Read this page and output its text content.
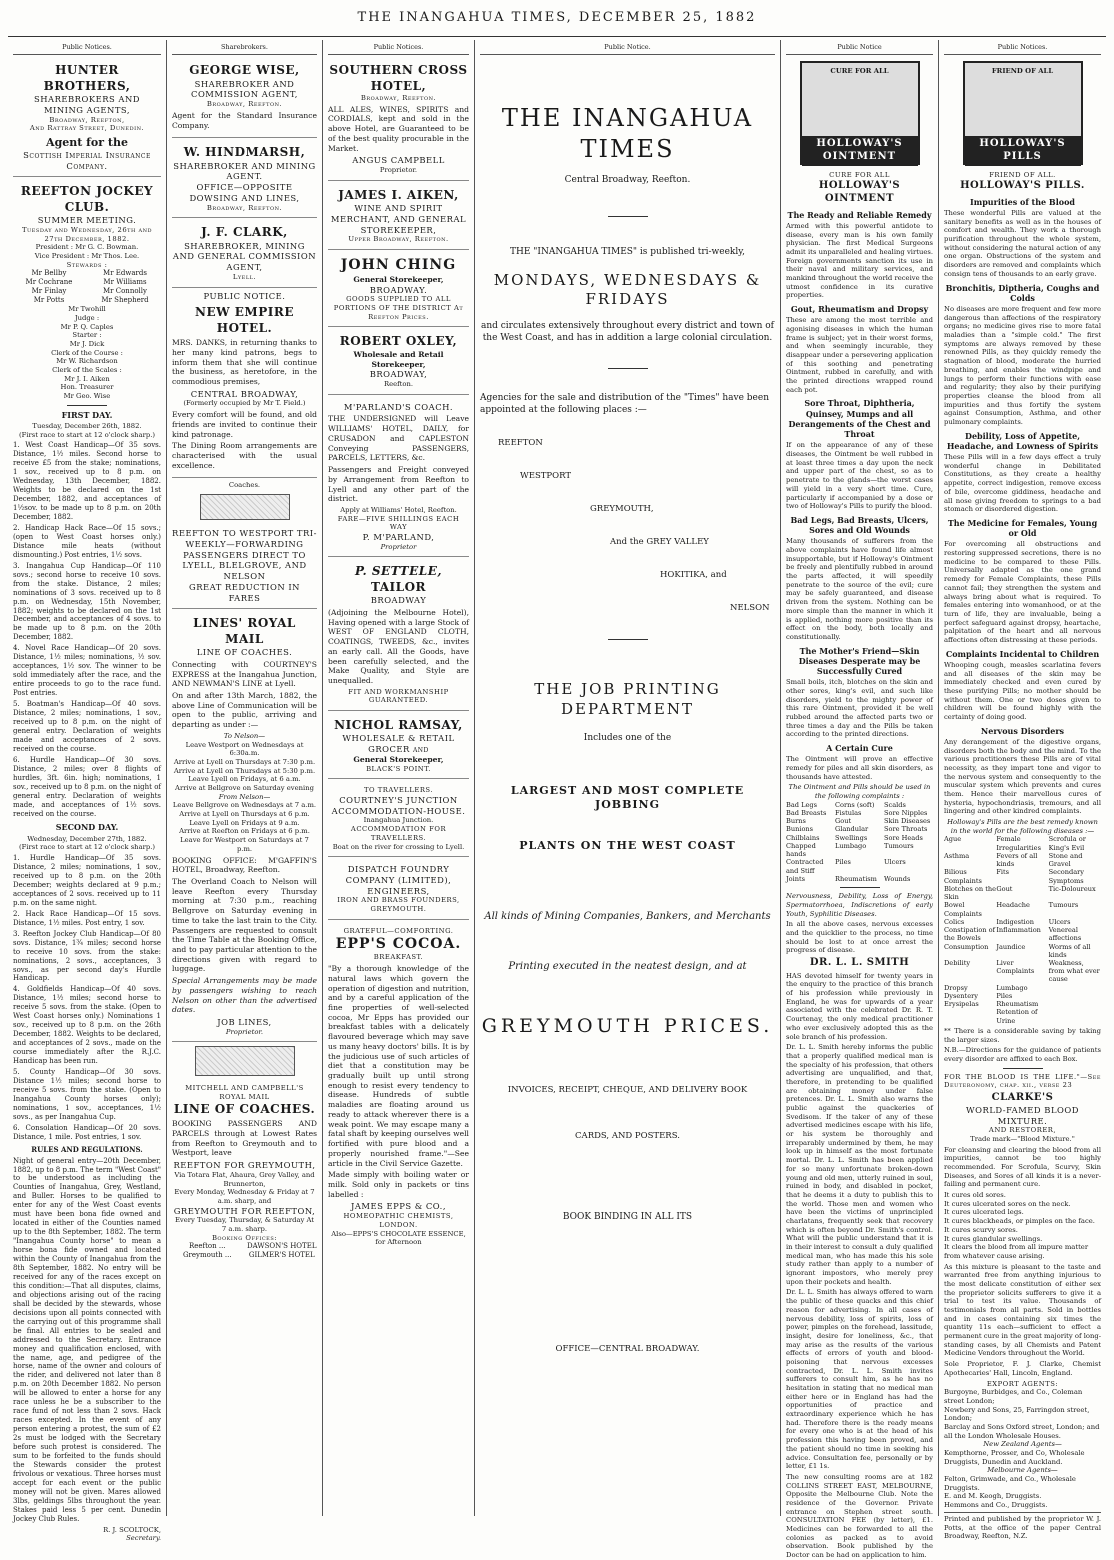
THE INANGAHUA TIMES, DECEMBER 25, 1882
Public Notices.
HUNTER BROTHERS,
SHAREBROKERS AND MINING AGENTS,
Broadway, Reefton,
And Rattray Street, Dunedin.
Agent for the
Scottish Imperial Insurance Company.
REEFTON JOCKEY CLUB.
SUMMER MEETING.
Tuesday and Wednesday, 26th and 27th December, 1882.
President : Mr G. C. Bowman.
Vice President : Mr Thos. Lee.
Stewards :
Mr Bellby
Mr Cochrane
Mr Finlay
Mr Potts
Mr Edwards
Mr Williams
Mr Connolly
Mr Shepherd
Mr Twohill
Judge :
Mr P. Q. Caples
Starter :
Mr J. Dick
Clerk of the Course :
Mr W. Richardson
Clerk of the Scales :
Mr J. I. Aiken
Hon. Treasurer
Mr Geo. Wise
FIRST DAY.
Tuesday, December 26th, 1882.
(First race to start at 12 o'clock sharp.)
1. West Coast Handicap—Of 35 sovs. Distance, 1½ miles. Second horse to receive £5 from the stake; nominations, 1 sov., received up to 8 p.m. on Wednesday, 13th December, 1882. Weights to be declared on the 1st December, 1882, and acceptances of 1½sov. to be made up to 8 p.m. on 20th December, 1882.
2. Handicap Hack Race—Of 15 sovs.; (open to West Coast horses only.) Distance mile heats (without dismounting.) Post entries, 1½ sovs.
3. Inangahua Cup Handicap—Of 110 sovs.; second horse to receive 10 sovs. from the stake. Distance, 2 miles; nominations of 3 sovs. received up to 8 p.m. on Wednesday, 15th November, 1882; weights to be declared on the 1st December, and acceptances of 4 sovs. to be made up to 8 p.m. on the 20th December, 1882.
4. Novel Race Handicap—Of 20 sovs. Distance, 1½ miles; nominations, ½ sov. acceptances, 1½ sov. The winner to be sold immediately after the race, and the entire proceeds to go to the race fund. Post entries.
5. Boatman's Handicap—Of 40 sovs. Distance, 2 miles; nominations, 1 sov., received up to 8 p.m. on the night of general entry. Declaration of weights made and acceptances of 2 sovs. received on the course.
6. Hurdle Handicap—Of 30 sovs. Distance, 2 miles; over 8 flights of hurdles, 3ft. 6in. high; nominations, 1 sov., received up to 8 p.m. on the night of general entry. Declaration of weights made, and acceptances of 1½ sovs. received on the course.
SECOND DAY.
Wednesday, December 27th, 1882.
(First race to start at 12 o'clock sharp.)
1. Hurdle Handicap—Of 35 sovs. Distance, 2 miles; nominations, 1 sov., received up to 8 p.m. on the 20th December; weights declared at 9 p.m.; acceptances of 2 sovs. received up to 11 p.m. on the same night.
2. Hack Race Handicap—Of 15 sovs. Distance, 1½ miles. Post entry, 1 sov.
3. Reefton Jockey Club Handicap—Of 80 sovs. Distance, 1¾ miles; second horse to receive 10 sovs. from the stake: nominations, 2 sovs., acceptances, 3 sovs., as per second day's Hurdle Handicap.
4. Goldfields Handicap—Of 40 sovs. Distance, 1½ miles; second horse to receive 5 sovs. from the stake. (Open to West Coast horses only.) Nominations 1 sov., received up to 8 p.m. on the 26th December, 1882. Weights to be declared, and acceptances of 2 sovs., made on the course immediately after the R.J.C. Handicap has been run.
5. County Handicap—Of 30 sovs. Distance 1½ miles; second horse to receive 5 sovs. from the stake. (Open to Inangahua County horses only); nominations, 1 sov., acceptances, 1½ sovs., as per Inangahua Cup.
6. Consolation Handicap—Of 20 sovs. Distance, 1 mile. Post entries, 1 sov.
RULES AND REGULATIONS.
Night of general entry—20th December, 1882, up to 8 p.m. The term "West Coast" to be understood as including the Counties of Inangahua, Grey, Westland, and Buller. Horses to be qualified to enter for any of the West Coast events must have been bona fide owned and located in either of the Counties named up to the 8th September, 1882. The term "Inangahua County horse" to mean a horse bona fide owned and located within the County of Inangahua from the 8th September, 1882. No entry will be received for any of the races except on this condition:—That all disputes, claims, and objections arising out of the racing shall be decided by the stewards, whose decisions upon all points connected with the carrying out of this programme shall be final. All entries to be sealed and addressed to the Secretary. Entrance money and qualification enclosed, with the name, age, and pedigree of the horse, name of the owner and colours of the rider, and delivered not later than 8 p.m. on 20th December 1882. No person will be allowed to enter a horse for any race unless he be a subscriber to the race fund of not less than 2 sovs. Hack races excepted. In the event of any person entering a protest, the sum of £2 2s must be lodged with the Secretary before such protest is considered. The sum to be forfeited to the funds should the Stewards consider the protest frivolous or vexatious. Three horses must accept for each event or the public money will not be given. Mares allowed 3lbs, geldings 5lbs throughout the year. Stakes paid less 5 per cent. Dunedin Jockey Club Rules.
R. J. SCOLTOCK,
Secretary.
Sharebrokers.
GEORGE WISE,
SHAREBROKER AND COMMISSION AGENT,
Broadway, Reefton.
Agent for the Standard Insurance Company.
W. HINDMARSH,
SHAREBROKER AND MINING AGENT.
OFFICE—OPPOSITE DOWSING AND LINES,
Broadway, Reefton.
J. F. CLARK,
SHAREBROKER, MINING AND GENERAL COMMISSION AGENT,
Lyell.
PUBLIC NOTICE.
NEW EMPIRE HOTEL.
MRS. DANKS, in returning thanks to her many kind patrons, begs to inform them that she will continue the business, as heretofore, in the commodious premises,
CENTRAL BROADWAY,
(Formerly occupied by Mr T. Field.)
Every comfort will be found, and old friends are invited to continue their kind patronage.
The Dining Room arrangements are characterised with the usual excellence.
Coaches.
REEFTON TO WESTPORT TRI-WEEKLY—FORWARDING PASSENGERS DIRECT TO LYELL, BLELGROVE, AND NELSON
GREAT REDUCTION IN FARES
LINES' ROYAL MAIL
LINE OF COACHES.
Connecting with COURTNEY'S EXPRESS at the Inangahua Junction, AND NEWMAN'S LINE at Lyell.
On and after 13th March, 1882, the above Line of Communication will be open to the public, arriving and departing as under :—
To Nelson—
Leave Westport on Wednesdays at 6:30a.m.
Arrive at Lyell on Thursdays at 7:30 p.m.
Arrive at Lyell on Thursdays at 5:30 p.m.
Leave Lyell on Fridays, at 6 a.m.
Arrive at Bellgrove on Saturday evening
From Nelson—
Leave Bellgrove on Wednesdays at 7 a.m.
Arrive at Lyell on Thursdays at 6 p.m.
Leave Lyell on Fridays at 9 a.m.
Arrive at Reefton on Fridays at 6 p.m.
Leave for Westport on Saturdays at 7 p.m.
BOOKING OFFICE: M'GAFFIN'S HOTEL, Broadway, Reefton.
The Overland Coach to Nelson will leave Reefton every Thursday morning at 7:30 p.m., reaching Bellgrove on Saturday evening in time to take the last train to the City. Passengers are requested to consult the Time Table at the Booking Office, and to pay particular attention to the directions given with regard to luggage.
Special Arrangements may be made by passengers wishing to reach Nelson on other than the advertised dates.
JOB LINES,
Proprietor.
MITCHELL AND CAMPBELL'S ROYAL MAIL
LINE OF COACHES.
BOOKING PASSENGERS AND PARCELS through at Lowest Rates from Reefton to Greymouth and to Westport, leave
REEFTON FOR GREYMOUTH,
Via Totara Flat, Ahaura, Grey Valley, and Brunnerton,
Every Monday, Wednesday & Friday at 7 a.m. sharp, and
GREYMOUTH FOR REEFTON,
Every Tuesday, Thursday, & Saturday At 7 a.m. sharp.
Booking Offices:
Reefton ...	DAWSON'S HOTEL
Greymouth ...	GILMER'S HOTEL
Public Notices.
SOUTHERN CROSS HOTEL,
Broadway, Reefton.
ALL ALES, WINES, SPIRITS and CORDIALS, kept and sold in the above Hotel, are Guaranteed to be of the best quality procurable in the Market.
ANGUS CAMPBELL
Proprietor.
JAMES I. AIKEN,
WINE AND SPIRIT MERCHANT, AND GENERAL STOREKEEPER,
Upper Broadway, Reefton.
JOHN CHING
General Storekeeper,
BROADWAY.
GOODS SUPPLIED TO ALL PORTIONS OF THE DISTRICT At Reefton Prices.
ROBERT OXLEY,
Wholesale and Retail Storekeeper,
BROADWAY,
Reefton.
M'PARLAND'S COACH.
THE UNDERSIGNED will Leave WILLIAMS' HOTEL, DAILY, for CRUSADON and CAPLESTON Conveying PASSENGERS, PARCELS, LETTERS, &c.
Passengers and Freight conveyed by Arrangement from Reefton to Lyell and any other part of the district.
Apply at Williams' Hotel, Reefton.
FARE—FIVE SHILLINGS EACH WAY
P. M'PARLAND,
Proprietor
P. SETTELE,
TAILOR
BROADWAY
(Adjoining the Melbourne Hotel), Having opened with a large Stock of WEST OF ENGLAND CLOTH, COATINGS, TWEEDS, &c., invites an early call. All the Goods, have been carefully selected, and the Make Quality, and Style are unequalled.
FIT AND WORKMANSHIP GUARANTEED.
NICHOL RAMSAY,
WHOLESALE & RETAIL GROCER and
General Storekeeper,
BLACK'S POINT.
TO TRAVELLERS.
COURTNEY'S JUNCTION ACCOMMODATION-HOUSE.
Inangahua Junction.
ACCOMMODATION FOR TRAVELLERS.
Boat on the river for crossing to Lyell.
DISPATCH FOUNDRY COMPANY (LIMITED),
ENGINEERS,
IRON AND BRASS FOUNDERS,
GREYMOUTH.
GRATEFUL—COMFORTING.
EPP'S COCOA.
BREAKFAST.
"By a thorough knowledge of the natural laws which govern the operation of digestion and nutrition, and by a careful application of the fine properties of well-selected cocoa, Mr Epps has provided our breakfast tables with a delicately flavoured beverage which may save us many heavy doctors' bills. It is by the judicious use of such articles of diet that a constitution may be gradually built up until strong enough to resist every tendency to disease. Hundreds of subtle maladies are floating around us ready to attack wherever there is a weak point. We may escape many a fatal shaft by keeping ourselves well fortified with pure blood and a properly nourished frame."—See article in the Civil Service Gazette.
Made simply with boiling water or milk. Sold only in packets or tins labelled :
JAMES EPPS & CO.,
HOMEOPATHIC CHEMISTS,
LONDON.
Also—EPPS'S CHOCOLATE ESSENCE, for Afternoon
Public Notice.
THE INANGAHUA TIMES
Central Broadway, Reefton.
THE "INANGAHUA TIMES" is published tri-weekly,
MONDAYS, WEDNESDAYS & FRIDAYS
and circulates extensively throughout every district and town of the West Coast, and has in addition a large colonial circulation.
Agencies for the sale and distribution of the "Times" have been appointed at the following places :—
REEFTON
WESTPORT
GREYMOUTH,
And the GREY VALLEY
HOKITIKA, and
NELSON
THE JOB PRINTING DEPARTMENT
Includes one of the
LARGEST AND MOST COMPLETE JOBBING
PLANTS ON THE WEST COAST
All kinds of Mining Companies, Bankers, and Merchants
Printing executed in the neatest design, and at
GREYMOUTH PRICES.
INVOICES, RECEIPT, CHEQUE, AND DELIVERY BOOK
CARDS, AND POSTERS.
BOOK BINDING IN ALL ITS
OFFICE—CENTRAL BROADWAY.
Public Notice
CURE FOR ALL
HOLLOWAY'S OINTMENT
CURE FOR ALL
HOLLOWAY'S OINTMENT
The Ready and Reliable Remedy
Armed with this powerful antidote to disease, every man is his own family physician. The first Medical Surgeons admit its unparalleled and healing virtues. Foreign governments sanction its use in their naval and military services, and mankind throughout the world receive the utmost confidence in its curative properties.
Gout, Rheumatism and Dropsy
These are among the most terrible and agonising diseases in which the human frame is subject; yet in their worst forms, and when seemingly incurable, they disappear under a persevering application of this soothing and penetrating Ointment, rubbed in carefully, and with the printed directions wrapped round each pot.
Sore Throat, Diphtheria, Quinsey, Mumps and all Derangements of the Chest and Throat
If on the appearance of any of these diseases, the Ointment be well rubbed in at least three times a day upon the neck and upper part of the chest, so as to penetrate to the glands—the worst cases will yield in a very short time. Cure, particularly if accompanied by a dose or two of Holloway's Pills to purify the blood.
Bad Legs, Bad Breasts, Ulcers, Sores and Old Wounds
Many thousands of sufferers from the above complaints have found life almost insupportable, but if Holloway's Ointment be freely and plentifully rubbed in around the parts affected, it will speedily penetrate to the source of the evil; cure may be safely guaranteed, and disease driven from the system. Nothing can be more simple than the manner in which it is applied, nothing more positive than its effect on the body, both locally and constitutionally.
The Mother's Friend—Skin Diseases Desperate may be Successfully Cured
Small boils, itch, blotches on the skin and other sores, king's evil, and such like disorders, yield to the mighty power of this rare Ointment, provided it be well rubbed around the affected parts two or three times a day and the Pills be taken according to the printed directions.
A Certain Cure
The Ointment will prove an effective remedy for piles and all skin disorders, as thousands have attested.
The Ointment and Pills should be used in the following complaints :
Bad Legs	Corns (soft)	Scalds
Bad Breasts	Fistulas	Sore Nipples
Burns	Gout	Skin Diseases
Bunions	Glandular	Sore Throats
Chilblains	Swellings	Sore Heads
Chapped hands
Lumbago	Tumours
Contracted and Stiff
Piles	Ulcers
Joints	Rheumatism	Wounds
Nervousness, Debility, Loss of Energy, Spermatorrhoea, Indiscretions of early Youth, Syphilitic Diseases.
In all the above cases, nervous excesses and the quicklier to the process, no time should be lost to at once arrest the progress of disease.
DR. L. L. SMITH
HAS devoted himself for twenty years in the enquiry to the practice of this branch of his profession while previously in England, he was for upwards of a year associated with the celebrated Dr. R. T. Courtenay, the only medical practitioner who ever exclusively adopted this as the sole branch of his profession.
Dr. L. L. Smith hereby informs the public that a properly qualified medical man is the specialty of his profession, that others advertising are unqualified, and that, therefore, in pretending to be qualified are obtaining money under false pretences. Dr. L. L. Smith also warns the public against the quackeries of Svedisom. If the taker of any of these advertised medicines escape with his life, or his system be thoroughly and irreparably undermined by them, he may look up in himself as the most fortunate mortal. Dr. L. L. Smith has been applied for so many unfortunate broken-down young and old men, utterly ruined in soul, ruined in body, and disabled in pocket, that he deems it a duty to publish this to the world. Those men and women who have been the victims of unprincipled charlatans, frequently seek that recovery which is often beyond Dr. Smith's control. What will the public understand that it is in their interest to consult a duly qualified medical man, who has made this his sole study rather than apply to a number of ignorant impostors, who merely prey upon their pockets and health.
Dr. L. L. Smith has always offered to warn the public of these quacks and this chief reason for advertising. In all cases of nervous debility, loss of spirits, loss of power, pimples on the forehead, lassitude, insight, desire for loneliness, &c., that may arise as the results of the various effects of errors of youth and blood-poisoning that nervous excesses contracted, Dr. L. L. Smith invites sufferers to consult him, as he has no hesitation in stating that no medical man either here or in England has had the opportunities of practice and extraordinary experience which he has had. Therefore there is the ready means for every one who is at the head of his profession this having been proved, and the patient should no time in seeking his advice. Consultation fee, personally or by letter, £1 1s.
The new consulting rooms are at 182 COLLINS STREET EAST, MELBOURNE, Opposite the Melbourne Club. Note the residence of the Governor. Private entrance on Stephen street south. CONSULTATION FEE (by letter), £1. Medicines can be forwarded to all the colonies as packed as to avoid observation. Book published by the Doctor can be had on application to him.
Public Notices.
FRIEND OF ALL
HOLLOWAY'S PILLS
FRIEND OF ALL.
HOLLOWAY'S PILLS.
Impurities of the Blood
These wonderful Pills are valued at the sanitary benefits as well as in the houses of comfort and wealth. They work a thorough purification throughout the whole system, without considering the natural action of any one organ. Obstructions of the system and disorders are removed and complaints which consign tens of thousands to an early grave.
Bronchitis, Diptheria, Coughs and Colds
No diseases are more frequent and few more dangerous than affections of the respiratory organs; no medicine gives rise to more fatal maladies than a "simple cold." The first symptoms are always removed by these renowned Pills, as they quickly remedy the stagnation of blood, moderate the hurried breathing, and enables the windpipe and lungs to perform their functions with ease and regularity; they also by their purifying properties cleanse the blood from all impurities and thus fortify the system against Consumption, Asthma, and other pulmonary complaints.
Debility, Loss of Appetite, Headache, and Lowness of Spirits
These Pills will in a few days effect a truly wonderful change in Debilitated Constitutions, as they create a healthy appetite, correct indigestion, remove excess of bile, overcome giddiness, headache and all nose giving freedom to springs to a bad stomach or disordered digestion.
The Medicine for Females, Young or Old
For overcoming all obstructions and restoring suppressed secretions, there is no medicine to be compared to these Pills. Universally adapted as the one grand remedy for Female Complaints, these Pills cannot fail; they strengthen the system and always bring about what is required. To females entering into womanhood, or at the turn of life, they are invaluable, being a perfect safeguard against dropsy, heartache, palpitation of the heart and all nervous affections often distressing at these periods.
Complaints Incidental to Children
Whooping cough, measles scarlatina fevers and all diseases of the skin may be immediately checked and even cured by these purifying Pills; no mother should be without them. One or two doses given to children will be found highly with the certainty of doing good.
Nervous Disorders
Any derangement of the digestive organs, disorders both the body and the mind. To the various practitioners these Pills are of vital necessity, as they impart tone and vigor to the nervous system and consequently to the muscular system which prevents and cures them. Hence their marvellous cures of hysteria, hypochondriasis, tremours, and all lingering and other kindred complaints.
Holloway's Pills are the best remedy known in the world for the following diseases :—
Ague	Female Irregularities
Scrofula or King's Evil
Asthma	Fevers of all kinds
Stone and Gravel
Bilious Complaints
Fits	Secondary Symptoms
Blotches on the Skin
Gout	Tic-Doloureux
Bowel Complaints
Headache	Tumours
Colics	Indigestion	Ulcers
Constipation of the Bowels
Inflammation	Venereal affections
Consumption	Jaundice	Worms of all kinds
Debility	Liver Complaints
Weakness, from what ever cause
Dropsy	Lumbago
Dysentery	Piles
Erysipelas	Rheumatism
Retention of Urine
** There is a considerable saving by taking the larger sizes.
N.B.—Directions for the guidance of patients every disorder are affixed to each Box.
FOR THE BLOOD IS THE LIFE."—See Deuteronomy, chap. xii., verse 23
CLARKE'S
WORLD-FAMED BLOOD MIXTURE.
AND RESTORER,
Trade mark—"Blood Mixture."
For cleansing and clearing the blood from all impurities, cannot be too highly recommended. For Scrofula, Scurvy, Skin Diseases, and Sores of all kinds it is a never-failing and permanent cure.
It cures old sores.
It cures ulcerated sores on the neck.
It cures ulcerated legs.
It cures blackheads, or pimples on the face.
It cures scurvy sores.
It cures glandular swellings.
It clears the blood from all impure matter from whatever cause arising.
As this mixture is pleasant to the taste and warranted free from anything injurious to the most delicate constitution of either sex the proprietor solicits sufferers to give it a trial to test its value. Thousands of testimonials from all parts. Sold in bottles and in cases containing six times the quantity 11s each—sufficient to effect a permanent cure in the great majority of long-standing cases, by all Chemists and Patent Medicine Vendors throughout the World.
Sole Proprietor, F. J. Clarke, Chemist Apothecaries' Hall, Lincoln, England.
EXPORT AGENTS:
Burgoyne, Burbidges, and Co., Coleman street London;
Newbery and Sons, 25, Farringdon street, London;
Barclay and Sons Oxford street, London; and all the London Wholesale Houses.
New Zealand Agents—
Kempthorne, Prosser, and Co, Wholesale Druggists, Dunedin and Auckland.
Melbourne Agents—
Felton, Grimwade, and Co., Wholesale Druggists.
E. and M. Keogh, Druggists.
Hemmons and Co., Druggists.
Printed and published by the proprietor W. J. Potts, at the office of the paper Central Broadway, Reefton, N.Z.
